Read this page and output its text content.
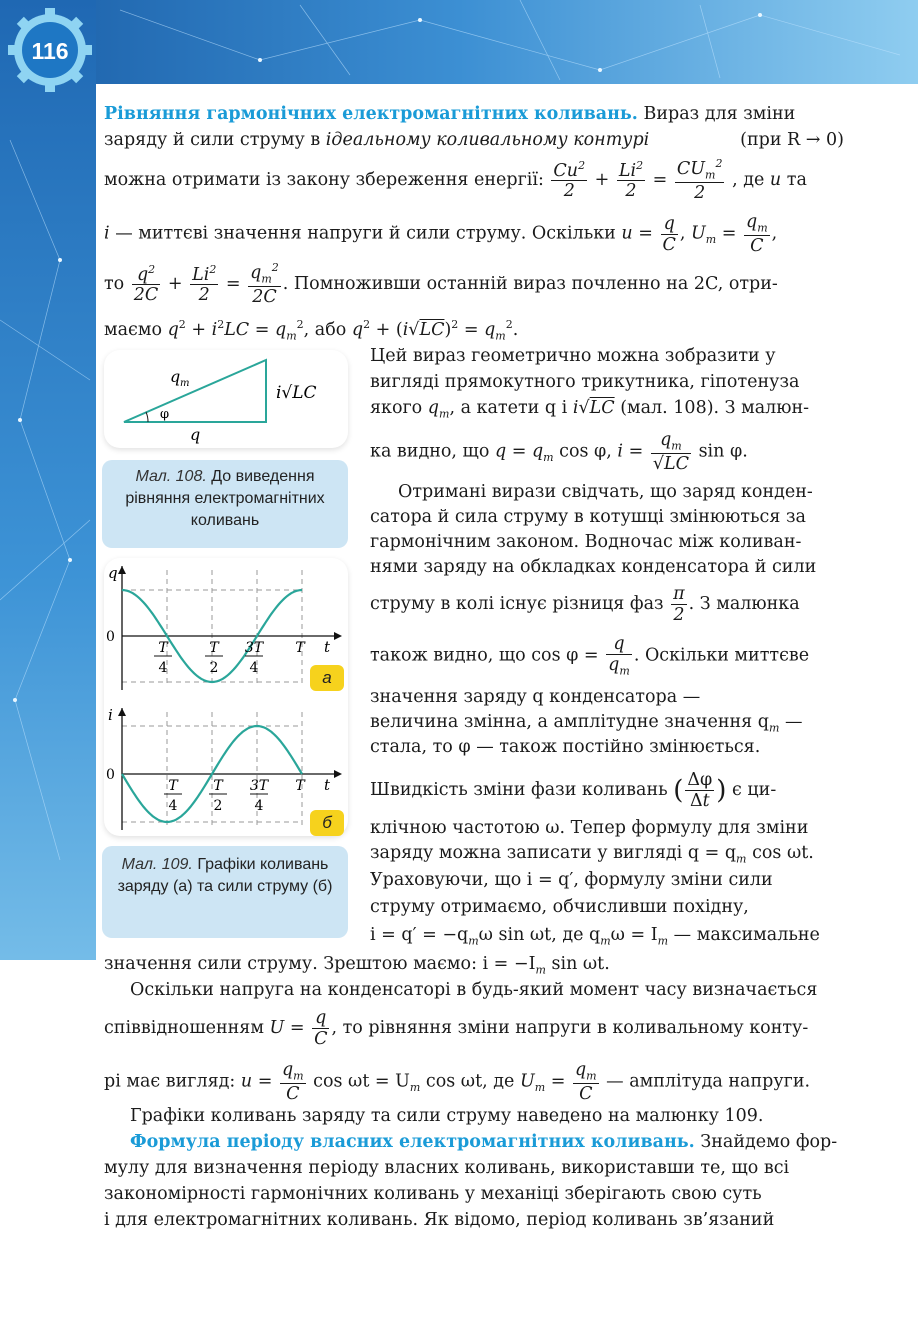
116
Рівняння гармонічних електромагнітних коливань. Вираз для зміни
заряду й сили струму в ідеальному коливальному контурі	(при R → 0)
можна отримати із закону збереження енергії: $\frac{Cu^2}{2} + \frac{Li^2}{2} = \frac{CU_m^2}{2}$ , де u та
i — миттєві значення напруги й сили струму. Оскільки $u = \frac{q}{C}$ , $U_m = \frac{q_m}{C}$ ,
то $\frac{q^2}{2C} + \frac{Li^2}{2} = \frac{q_m^2}{2C}$ . Помноживши останній вираз почленно на 2C, отри-
маємо $q^2 + i^2LC = q_m^2$, або $q^2 + (i√LC)^2 = q_m^2$.
q m	i√LC
q
φ
Мал. 108. До виведення рівняння електромагнітних коливань
Цей вираз геометрично можна зобразити у
вигляді прямокутного трикутника, гіпотенуза
якого $q_m$, а катети q і i√LC (мал. 108). З малюн-
ка видно, що $q = q_m$ cos φ, $i = \frac{q_m}{√LC}$ sin φ.
Отримані вирази свідчать, що заряд конден-
сатора й сила струму в котушці змінюються за
гармонічним законом. Водночас між коливан-
нями заряду на обкладках конденсатора й сили
струму в колі існує різниця фаз $\frac{\pi}{2}$ . З малюнка
також видно, що $\cos \varphi = \frac{q}{q_m}$ . Оскільки миттєве
значення заряду q конденсатора —
величина змінна, а амплітудне значення $q_m$ —
стала, то φ — також постійно змінюється.
Швидкість зміни фази коливань ( $\frac{\Delta\varphi}{\Delta t}$ ) є ци-
клічною частотою ω. Тепер формулу для зміни
заряду можна записати у вигляді $q = q_m$ cos ωt.
Ураховуючи, що i = q′, формулу зміни сили
струму отримаємо, обчисливши похідну,
$i = q' = -q_m\omega$ sin ωt, де $q_m\omega = I_m$ — максимальне
значення сили струму. Зрештою маємо: $i = -I_m$ sin ωt.
q
0
t
T
4
T
2
3T
4
T
i
0
t
T
4
T
2
3T
4
T
а
б
Мал. 109. Графіки коливань заряду (а) та сили струму (б)
Оскільки напруга на конденсаторі в будь-який момент часу визначається
співвідношенням $U = \frac{q}{C}$ , то рівняння зміни напруги в коливальному конту-
рі має вигляд: $u = \frac{q_m}{C}$ $\cos \omega t = U_m$ cos ωt, де $U_m = \frac{q_m}{C}$ — амплітуда напруги.
Графіки коливань заряду та сили струму наведено на малюнку 109.
Формула періоду власних електромагнітних коливань. Знайдемо фор-
мулу для визначення періоду власних коливань, використавши те, що всі
закономірності гармонічних коливань у механіці зберігають свою суть
і для електромагнітних коливань. Як відомо, період коливань зв’язаний
